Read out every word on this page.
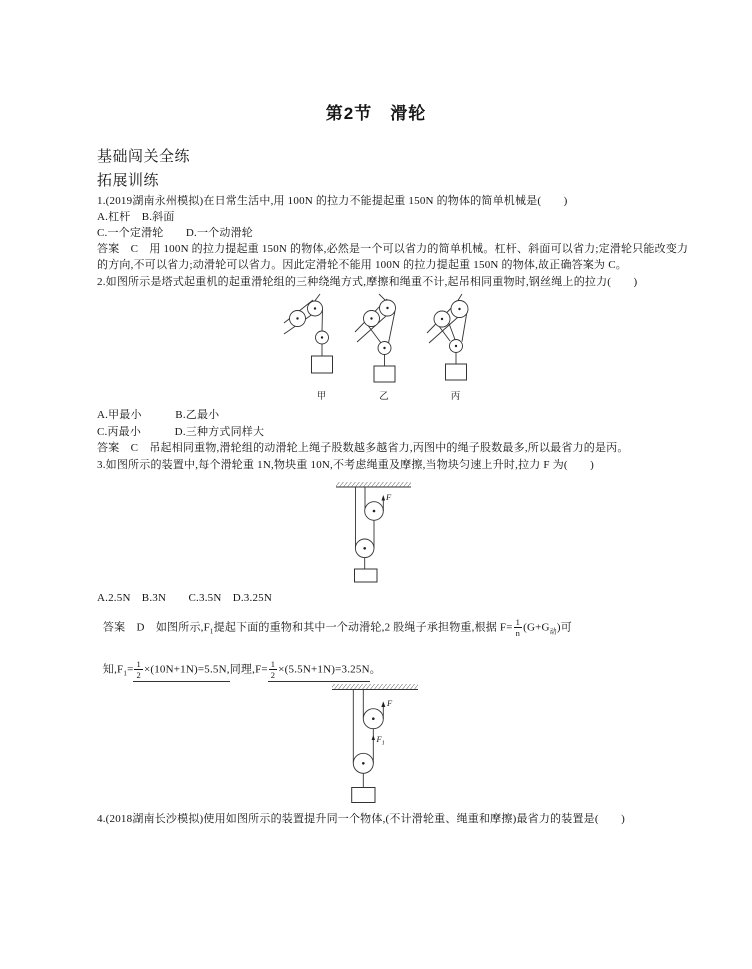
第2节　滑轮
基础闯关全练
拓展训练
1.(2019湖南永州模拟)在日常生活中,用 100N 的拉力不能提起重 150N 的物体的简单机械是(　　)
A.杠杆　B.斜面
C.一个定滑轮　　D.一个动滑轮
答案　C　用 100N 的拉力提起重 150N 的物体,必然是一个可以省力的简单机械。杠杆、斜面可以省力;定滑轮只能改变力
的方向,不可以省力;动滑轮可以省力。因此定滑轮不能用 100N 的拉力提起重 150N 的物体,故正确答案为 C。
2.如图所示是塔式起重机的起重滑轮组的三种绕绳方式,摩擦和绳重不计,起吊相同重物时,钢丝绳上的拉力(　　)
甲	乙	丙
A.甲最小　　　B.乙最小
C.丙最小　　　D.三种方式同样大
答案　C　吊起相同重物,滑轮组的动滑轮上绳子股数越多越省力,丙图中的绳子股数最多,所以最省力的是丙。
3.如图所示的装置中,每个滑轮重 1N,物块重 10N,不考虑绳重及摩擦,当物块匀速上升时,拉力 F 为(　　)
F
A.2.5N　B.3N　　C.3.5N　D.3.25N

答案　D　如图所示$,F_1$提起下面的重物和其中一个动滑轮,2 股绳子承担物重,根据 $F= \frac{1}{n} (G+G_动)$可

知$,F_1= \frac{1}{2} \times(10N+1N)=5.5N$,同理$,F= \frac{1}{2} \times(5.5N+1N)=3.25N$。

$F_1$
F
4.(2018湖南长沙模拟)使用如图所示的装置提升同一个物体,(不计滑轮重、绳重和摩擦)最省力的装置是(　　)
